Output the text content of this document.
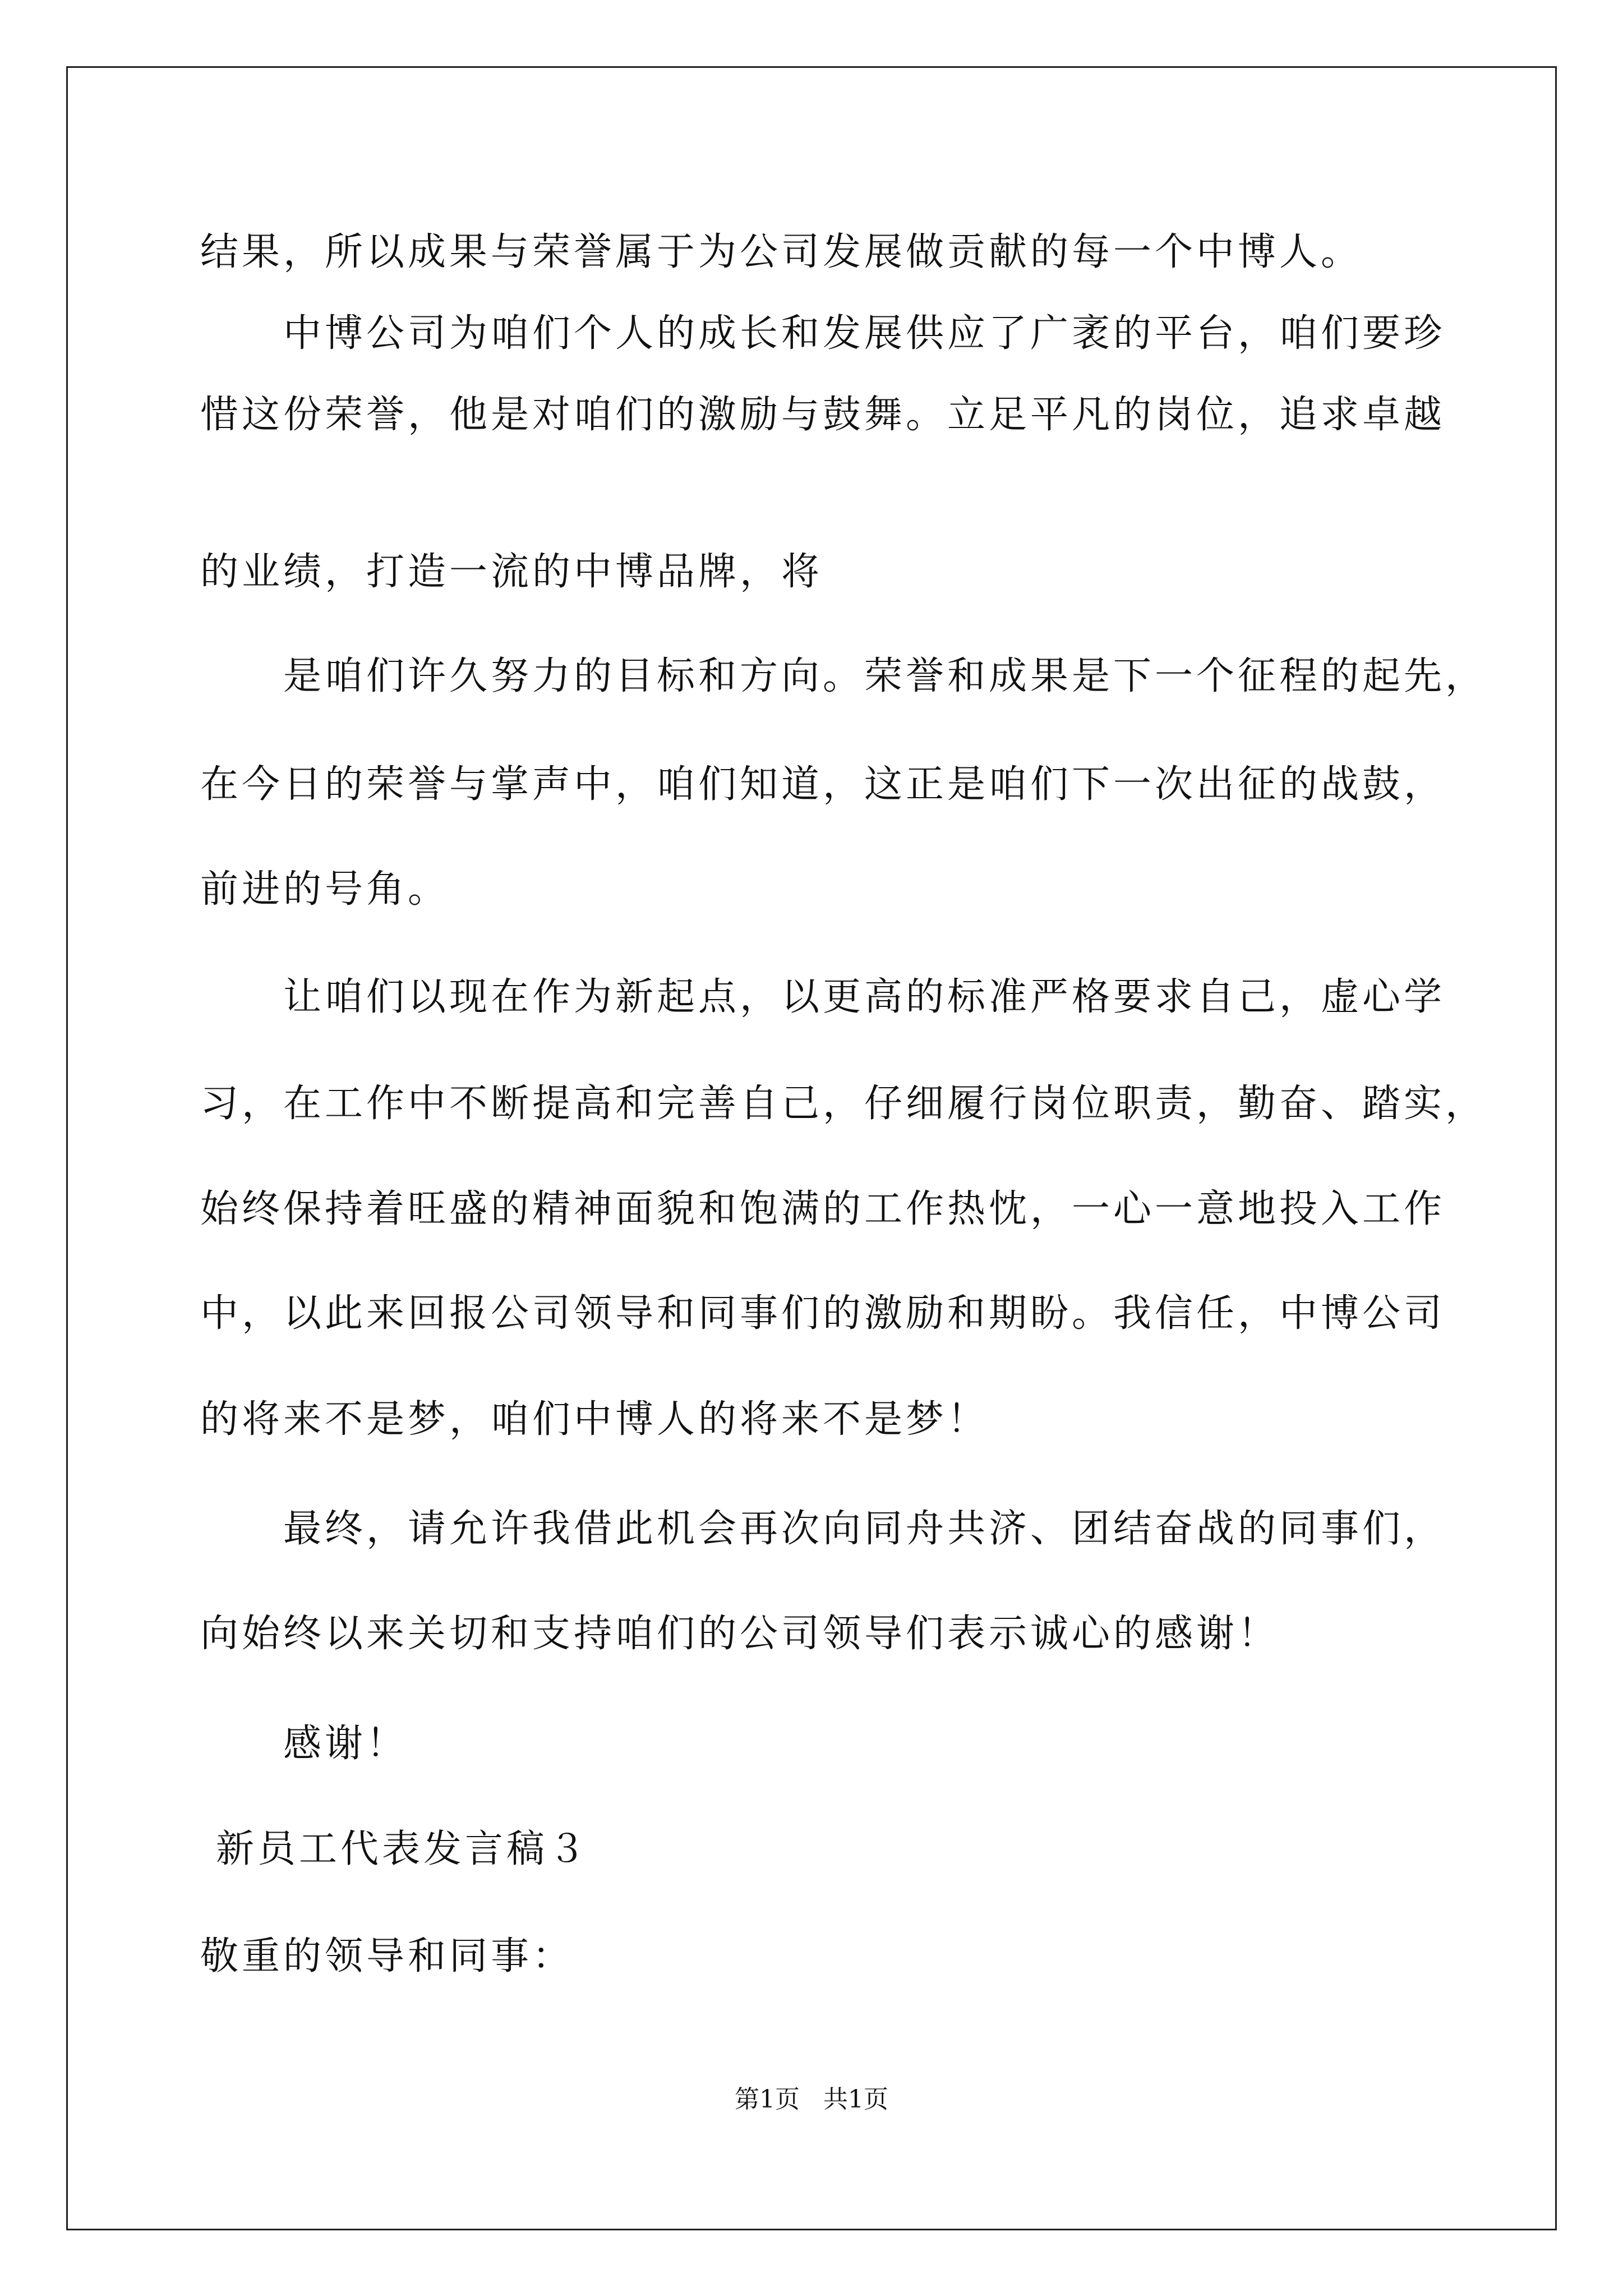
结果，所以成果与荣誉属于为公司发展做贡献的每一个中博人。
中博公司为咱们个人的成长和发展供应了广袤的平台，咱们要珍
惜这份荣誉，他是对咱们的激励与鼓舞。立足平凡的岗位，追求卓越
的业绩，打造一流的中博品牌，将
是咱们许久努力的目标和方向。荣誉和成果是下一个征程的起先，
在今日的荣誉与掌声中，咱们知道，这正是咱们下一次出征的战鼓，
前进的号角。
让咱们以现在作为新起点，以更高的标准严格要求自己，虚心学
习，在工作中不断提高和完善自己，仔细履行岗位职责，勤奋、踏实，
始终保持着旺盛的精神面貌和饱满的工作热忱，一心一意地投入工作
中，以此来回报公司领导和同事们的激励和期盼。我信任，中博公司
的将来不是梦，咱们中博人的将来不是梦！
最终，请允许我借此机会再次向同舟共济、团结奋战的同事们，
向始终以来关切和支持咱们的公司领导们表示诚心的感谢！
感谢！
新员工代表发言稿３
敬重的领导和同事：
第1页   共1页
